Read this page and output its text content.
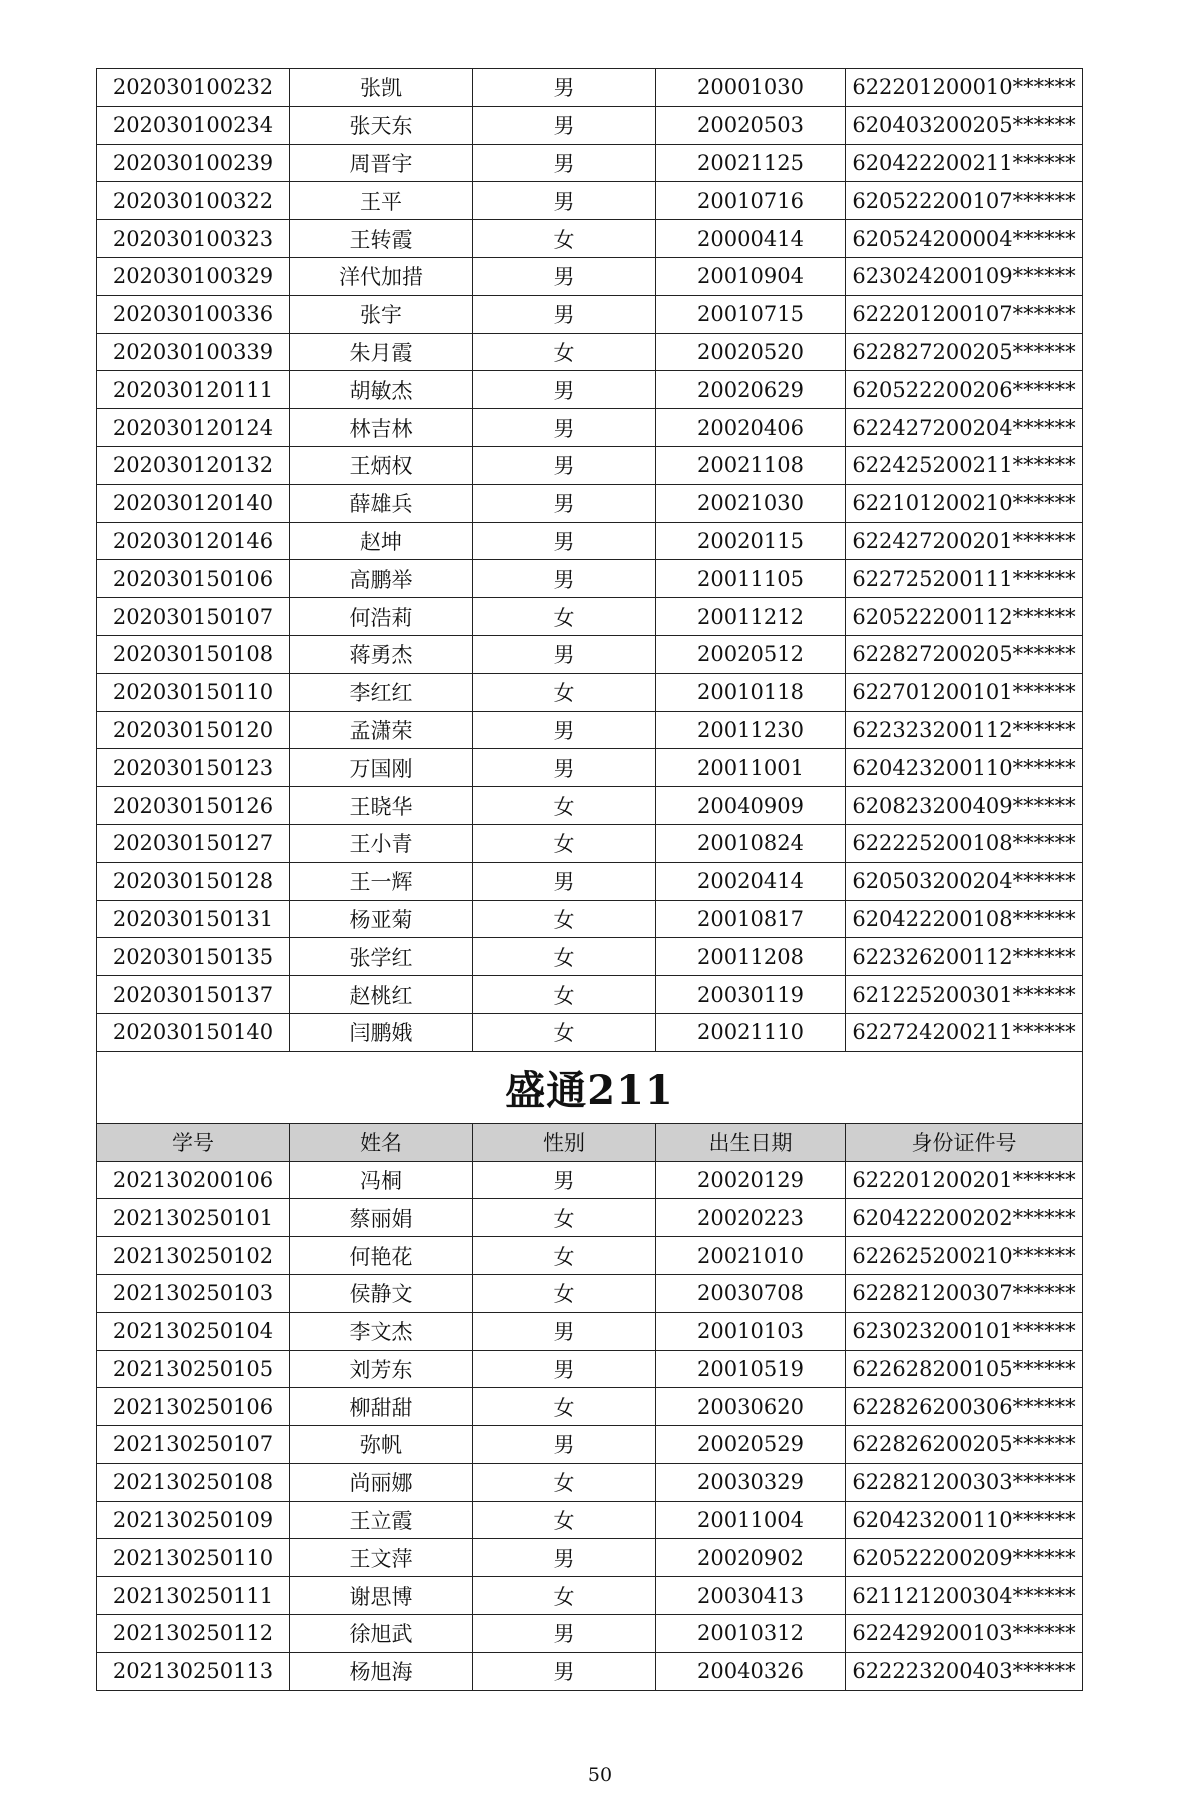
202030100232	张凯	男	20001030	622201200010******
202030100234	张天东	男	20020503	620403200205******
202030100239	周晋宇	男	20021125	620422200211******
202030100322	王平	男	20010716	620522200107******
202030100323	王转霞	女	20000414	620524200004******
202030100329	洋代加措	男	20010904	623024200109******
202030100336	张宇	男	20010715	622201200107******
202030100339	朱月霞	女	20020520	622827200205******
202030120111	胡敏杰	男	20020629	620522200206******
202030120124	林吉林	男	20020406	622427200204******
202030120132	王炳权	男	20021108	622425200211******
202030120140	薛雄兵	男	20021030	622101200210******
202030120146	赵坤	男	20020115	622427200201******
202030150106	高鹏举	男	20011105	622725200111******
202030150107	何浩莉	女	20011212	620522200112******
202030150108	蒋勇杰	男	20020512	622827200205******
202030150110	李红红	女	20010118	622701200101******
202030150120	孟潇荣	男	20011230	622323200112******
202030150123	万国刚	男	20011001	620423200110******
202030150126	王晓华	女	20040909	620823200409******
202030150127	王小青	女	20010824	622225200108******
202030150128	王一辉	男	20020414	620503200204******
202030150131	杨亚菊	女	20010817	620422200108******
202030150135	张学红	女	20011208	622326200112******
202030150137	赵桃红	女	20030119	621225200301******
202030150140	闫鹏娥	女	20021110	622724200211******
盛通211				
学号	姓名	性别	出生日期	身份证件号
202130200106	冯桐	男	20020129	622201200201******
202130250101	蔡丽娟	女	20020223	620422200202******
202130250102	何艳花	女	20021010	622625200210******
202130250103	侯静文	女	20030708	622821200307******
202130250104	李文杰	男	20010103	623023200101******
202130250105	刘芳东	男	20010519	622628200105******
202130250106	柳甜甜	女	20030620	622826200306******
202130250107	弥帆	男	20020529	622826200205******
202130250108	尚丽娜	女	20030329	622821200303******
202130250109	王立霞	女	20011004	620423200110******
202130250110	王文萍	男	20020902	620522200209******
202130250111	谢思博	女	20030413	621121200304******
202130250112	徐旭武	男	20010312	622429200103******
202130250113	杨旭海	男	20040326	622223200403******
50
